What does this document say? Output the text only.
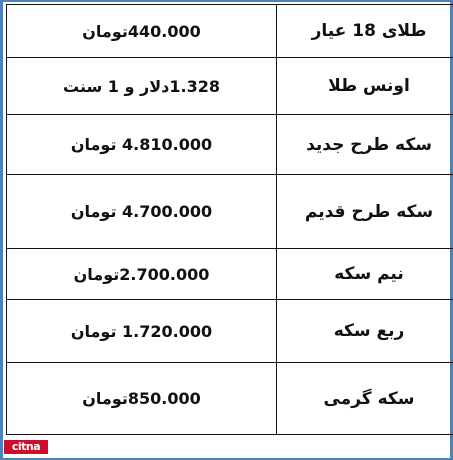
طلای 18 عیار	440.000تومان
اونس طلا	1.328دلار و 1 سنت
سکه طرح جدید	4.810.000 تومان
سکه طرح قدیم	4.700.000 تومان
نیم سکه	2.700.000تومان
ربع سکه	1.720.000 تومان
سکه گرمی	850.000تومان
citna
